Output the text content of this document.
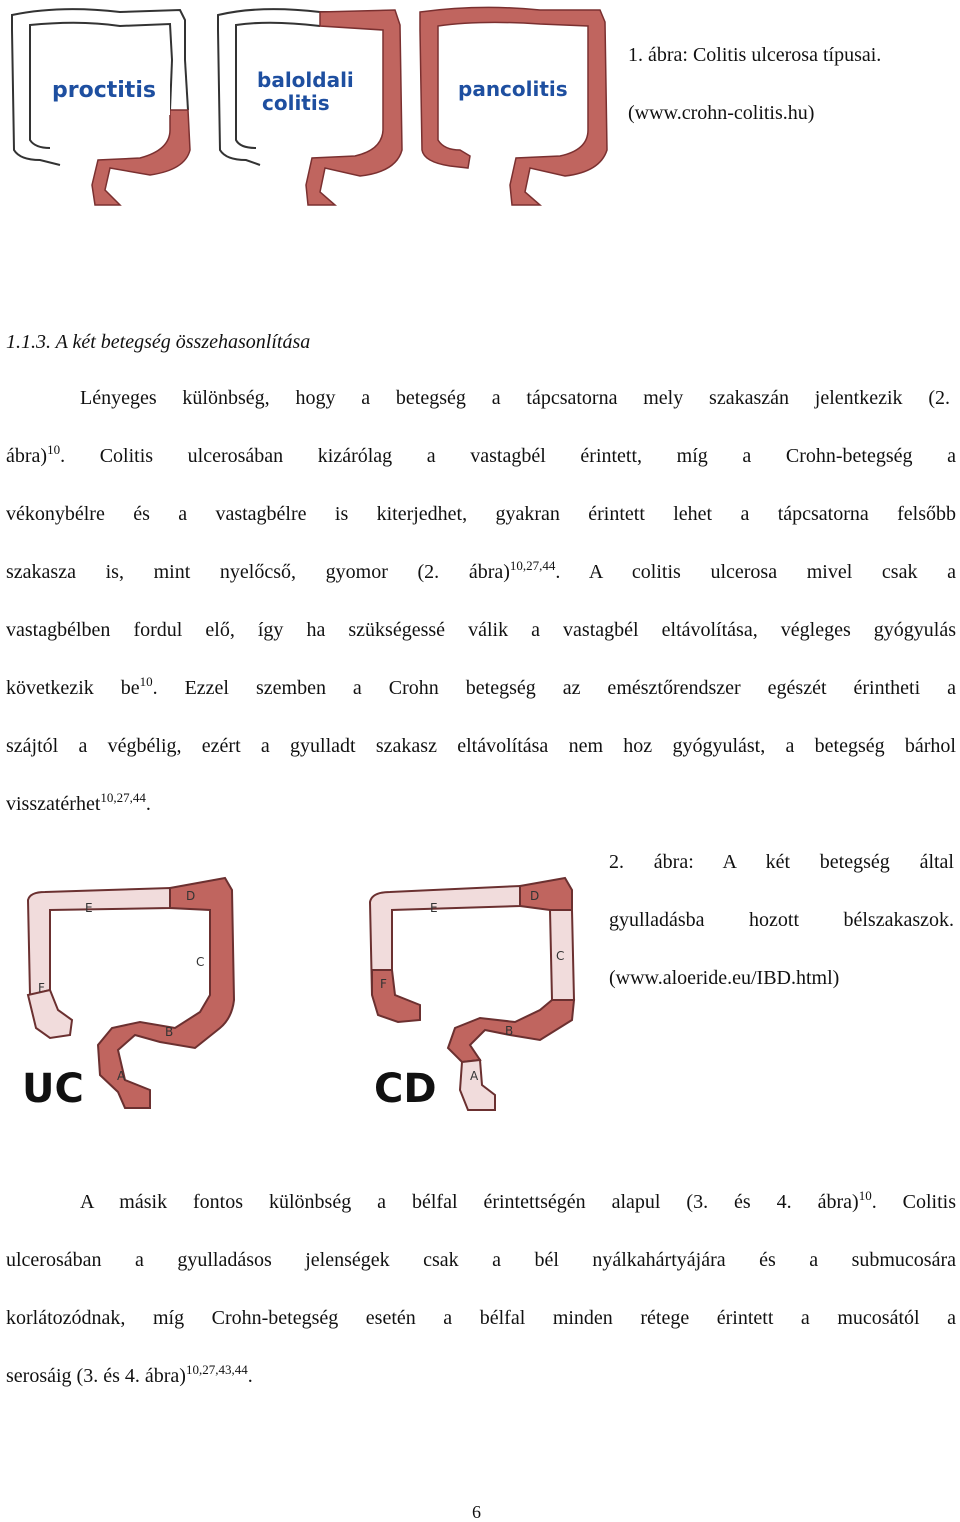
proctitis	baloldali
colitis
pancolitis
1. ábra: Colitis ulcerosa típusai.
(www.crohn-colitis.hu)
1.1.3. A két betegség összehasonlítása
Lényeges különbség, hogy a betegség a tápcsatorna mely szakaszán jelentkezik (2.
ábra)$^{10}$. Colitis ulcerosában kizárólag a vastagbél érintett, míg a Crohn-betegség a
vékonybélre és a vastagbélre is kiterjedhet, gyakran érintett lehet a tápcsatorna felsőbb
szakasza is, mint nyelőcső, gyomor (2. ábra)$^{10,27,44}$. A colitis ulcerosa mivel csak a
vastagbélben fordul elő, így ha szükségessé válik a vastagbél eltávolítása, végleges gyógyulás
következik $be^{10}$. Ezzel szemben a Crohn betegség az emésztőrendszer egészét érintheti a
szájtól a végbélig, ezért a gyulladt szakasz eltávolítása nem hoz gyógyulást, a betegség bárhol
visszatérhet$^{10,27,44}$.
E
D
C
F
B
A
UC
E
D
C
F
B
A
CD
2. ábra: A két betegség által
gyulladásba hozott bélszakaszok.
(www.aloeride.eu/IBD.html)
A másik fontos különbség a bélfal érintettségén alapul (3. és 4. ábra)$^{10}$. Colitis
ulcerosában a gyulladásos jelenségek csak a bél nyálkahártyájára és a submucosára
korlátozódnak, míg Crohn-betegség esetén a bélfal minden rétege érintett a mucosától a
serosáig (3. és 4. ábra)$^{10,27,43,44}$.
6
